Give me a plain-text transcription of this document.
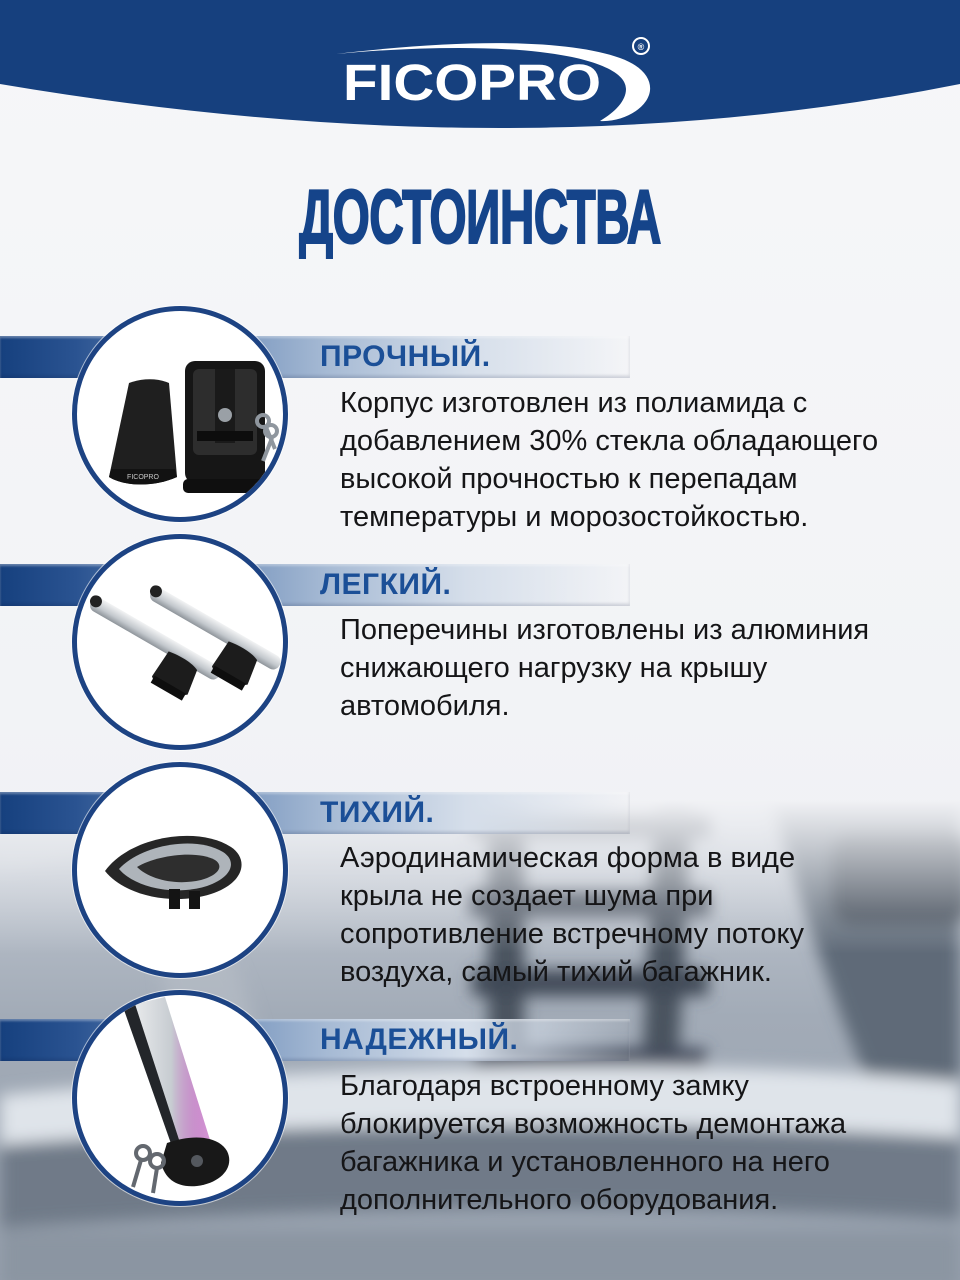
FICOPRO
®
ДОСТОИНСТВА
ПРОЧНЫЙ.
Корпус изготовлен из полиамида с
добавлением 30% стекла обладающего
высокой прочностью к перепадам
температуры и морозостойкостью.
FICOPRO
ЛЕГКИЙ.
Поперечины изготовлены из алюминия
снижающего нагрузку на крышу
автомобиля.
ТИХИЙ.
Аэродинамическая форма в виде
крыла не создает шума при
сопротивление встречному потоку
воздуха, самый тихий багажник.
НАДЕЖНЫЙ.
Благодаря встроенному замку
блокируется возможность демонтажа
багажника и установленного на него
дополнительного оборудования.
